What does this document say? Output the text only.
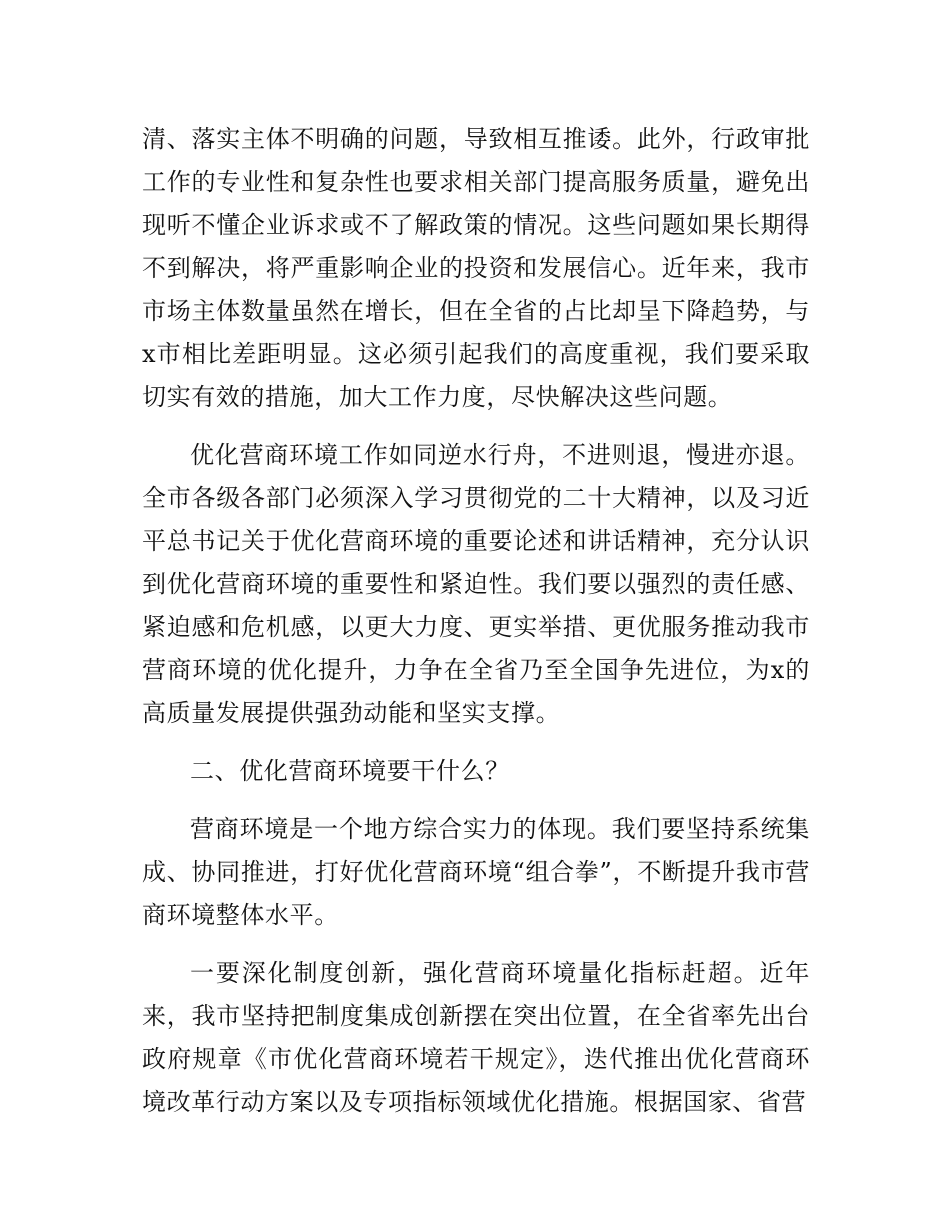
清、落实主体不明确的问题，导致相互推诿。此外，行政审批工作的专业性和复杂性也要求相关部门提高服务质量，避免出现听不懂企业诉求或不了解政策的情况。这些问题如果长期得不到解决，将严重影响企业的投资和发展信心。近年来，我市市场主体数量虽然在增长，但在全省的占比却呈下降趋势，与x市相比差距明显。这必须引起我们的高度重视，我们要采取切实有效的措施，加大工作力度，尽快解决这些问题。

优化营商环境工作如同逆水行舟，不进则退，慢进亦退。全市各级各部门必须深入学习贯彻党的二十大精神，以及习近平总书记关于优化营商环境的重要论述和讲话精神，充分认识到优化营商环境的重要性和紧迫性。我们要以强烈的责任感、紧迫感和危机感，以更大力度、更实举措、更优服务推动我市营商环境的优化提升，力争在全省乃至全国争先进位，为x的高质量发展提供强劲动能和坚实支撑。

二、优化营商环境要干什么？

营商环境是一个地方综合实力的体现。我们要坚持系统集成、协同推进，打好优化营商环境“组合拳”，不断提升我市营商环境整体水平。

一要深化制度创新，强化营商环境量化指标赶超。近年来，我市坚持把制度集成创新摆在突出位置，在全省率先出台政府规章《市优化营商环境若干规定》，迭代推出优化营商环境改革行动方案以及专项指标领域优化措施。根据国家、省营
